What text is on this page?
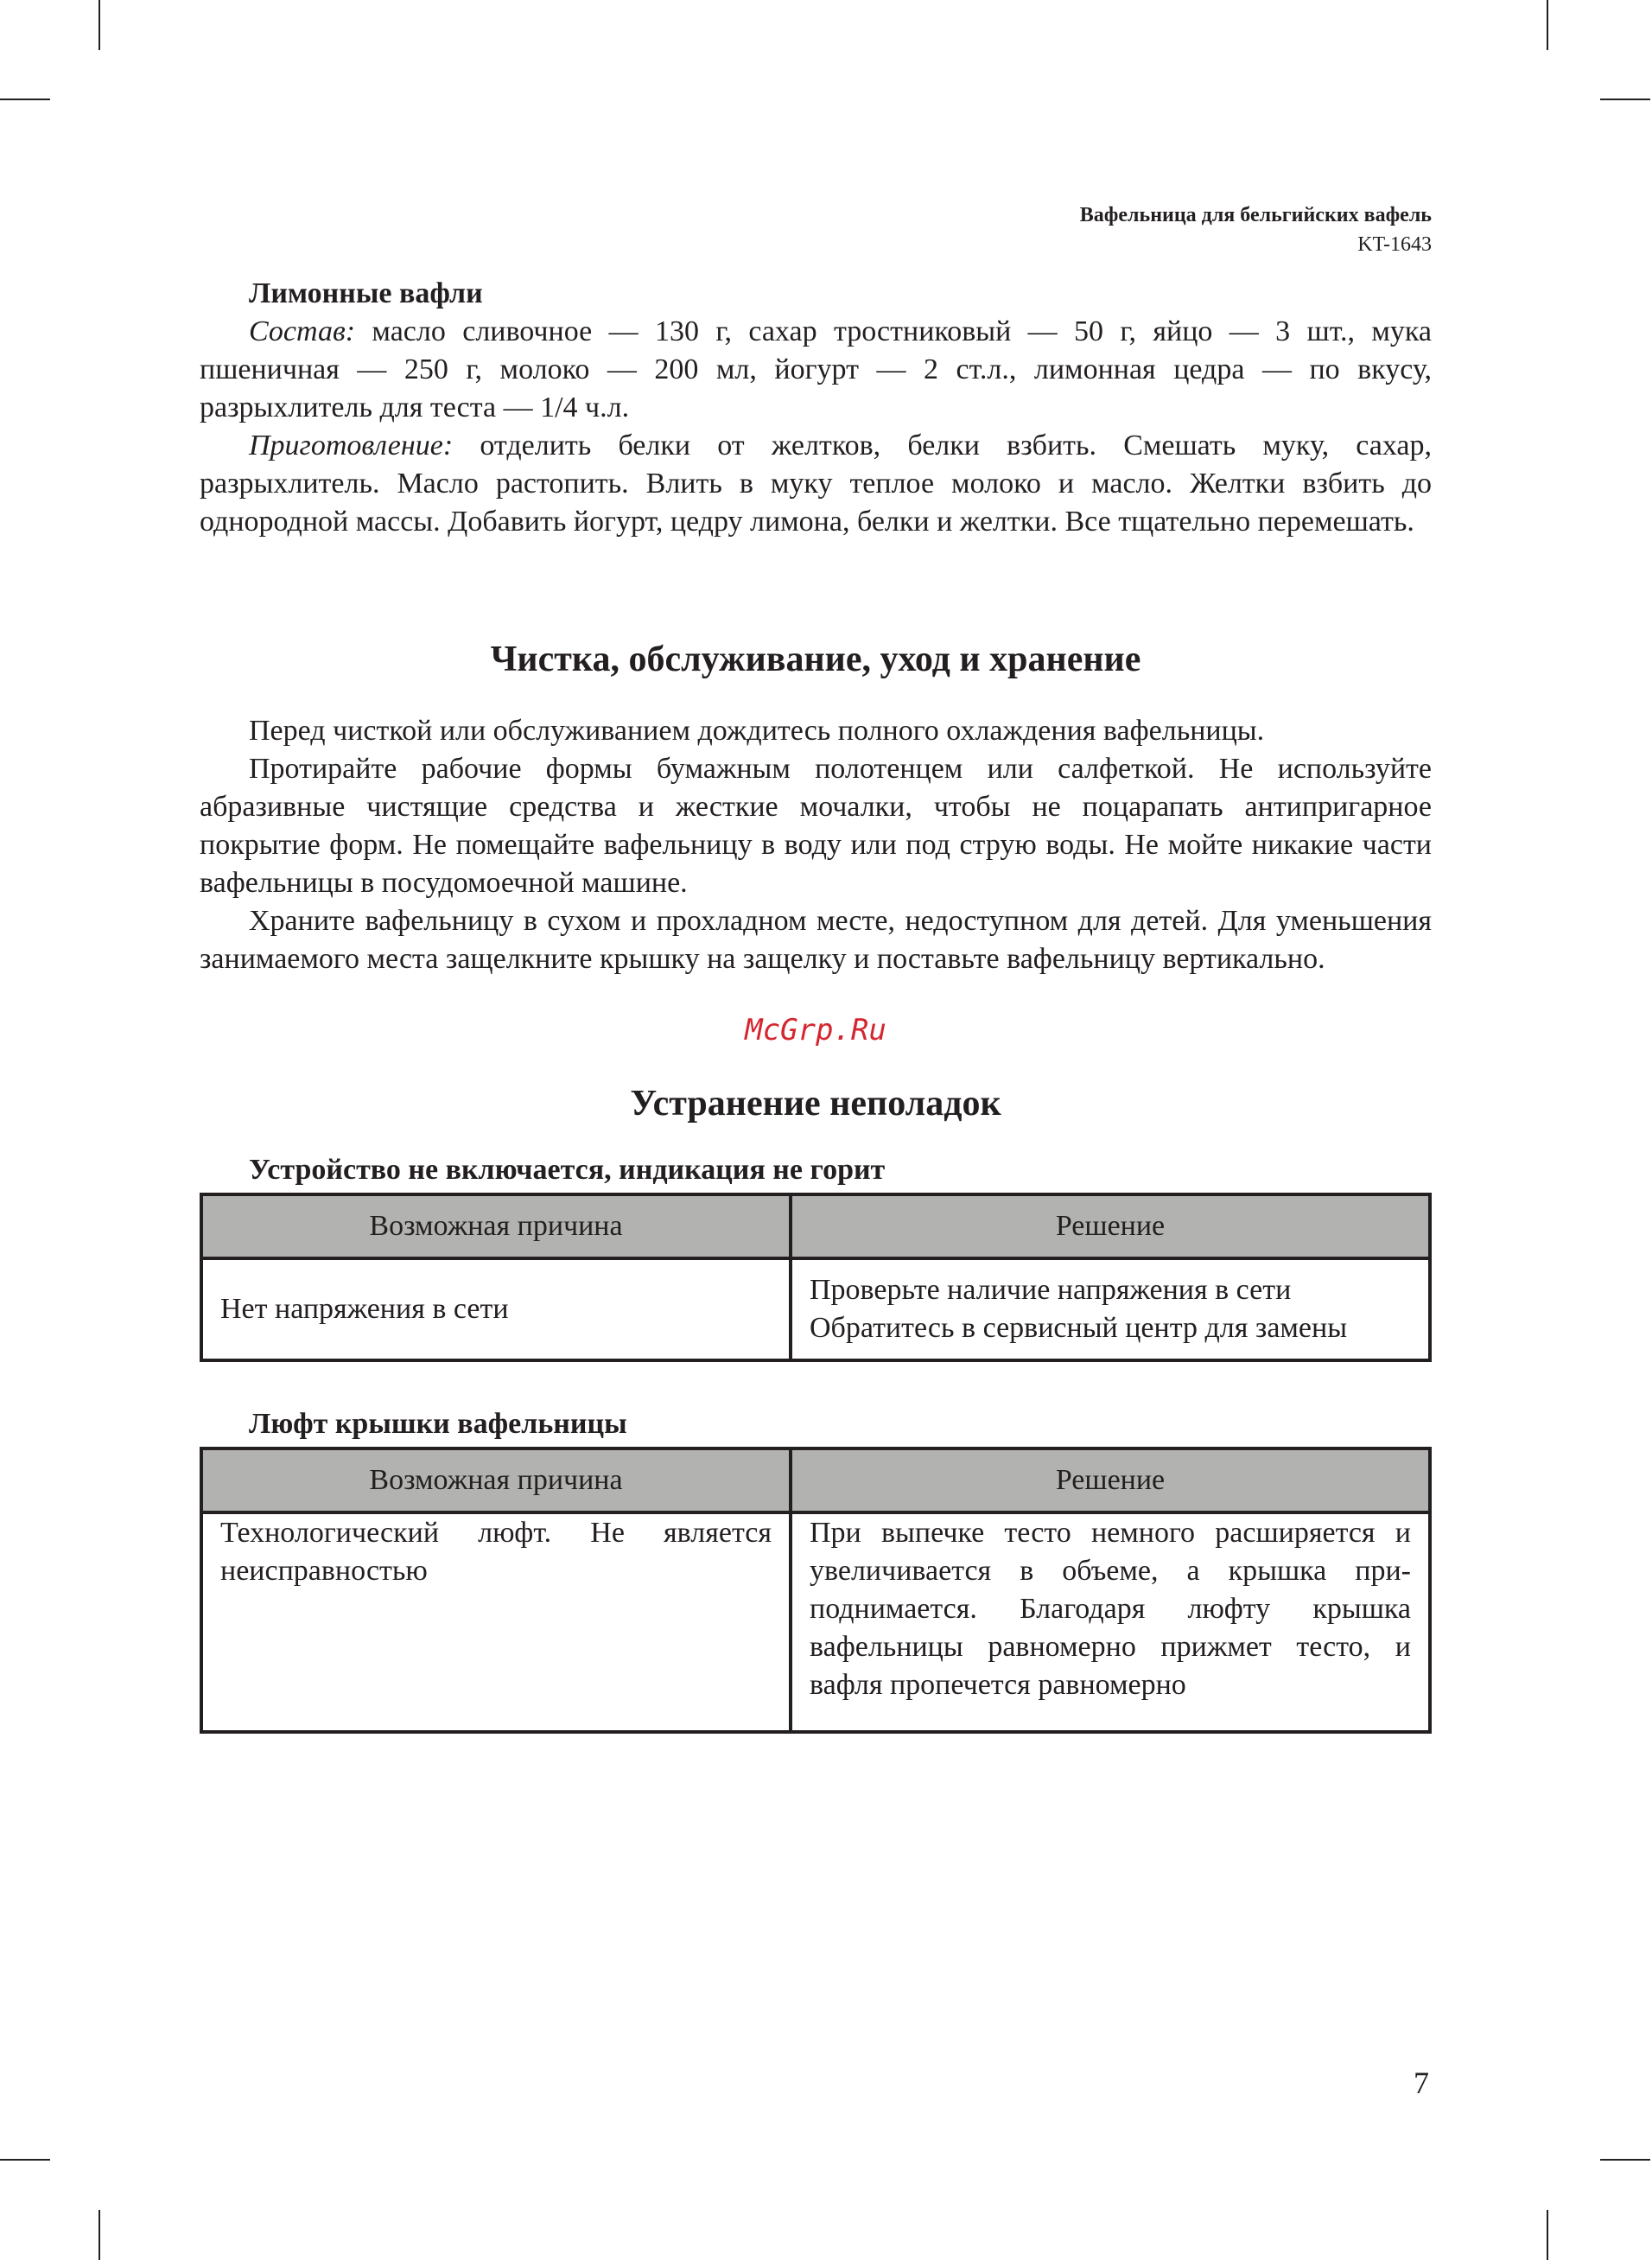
Вафельница для бельгийских вафель
KT-1643
Лимонные вафли

Состав: масло сливочное — 130 г, сахар тростниковый — 50 г, яйцо — 3 шт., мука пшеничная — 250 г, молоко — 200 мл, йогурт — 2 ст.л., лимонная цедра — по вкусу, разрыхлитель для теста — 1/4 ч.л.

Приготовление: отделить белки от желтков, белки взбить. Смешать муку, сахар, разрыхлитель. Масло растопить. Влить в муку теплое молоко и масло. Желтки взбить до однородной массы. Добавить йогурт, цедру лимона, белки и желтки. Все тщательно перемешать.

Чистка, обслуживание, уход и хранение

Перед чисткой или обслуживанием дождитесь полного охлаждения вафельницы.

Протирайте рабочие формы бумажным полотенцем или салфеткой. Не используйте абразивные чистящие средства и жесткие мочалки, чтобы не поцарапать антипригарное покрытие форм. Не помещайте вафельницу в воду или под струю воды. Не мойте никакие части вафельницы в посудомоечной машине.

Храните вафельницу в сухом и прохладном месте, недоступном для детей. Для уменьшения занимаемого места защелкните крышку на защелку и поставьте вафельницу вертикально.

McGrp.Ru
Устранение неполадок
Устройство не включается, индикация не горит
Возможная причина	Решение
Нет напряжения в сети	Проверьте наличие напряжения в сети
Обратитесь в сервисный центр для замены
Люфт крышки вафельницы
Возможная причина	Решение
Технологический люфт. Не является неисправностью	При выпечке тесто немного расширяется и увеличивается в объеме, а крышка приподнимается. Благодаря люфту крышка вафельницы равномерно прижмет тесто, и вафля пропечется равномерно
7
